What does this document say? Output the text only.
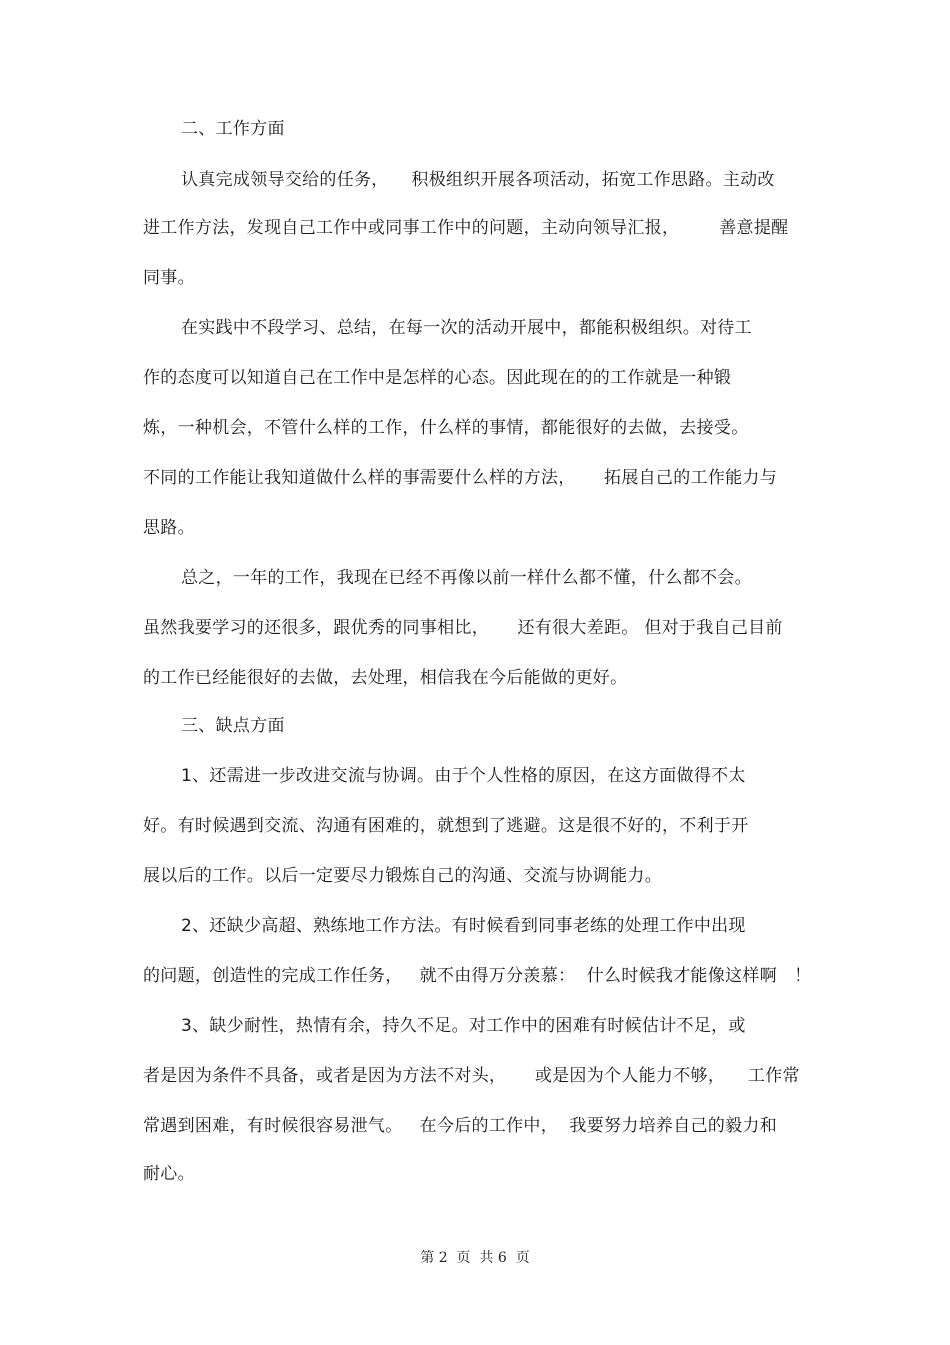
二、工作方面
认真完成领导交给的任务，    积极组织开展各项活动，拓宽工作思路。主动改
进工作方法，发现自己工作中或同事工作中的问题，主动向领导汇报，       善意提醒
同事。
在实践中不段学习、总结，在每一次的活动开展中，都能积极组织。对待工
作的态度可以知道自己在工作中是怎样的心态。因此现在的的工作就是一种锻
炼，一种机会，不管什么样的工作，什么样的事情，都能很好的去做，去接受。
不同的工作能让我知道做什么样的事需要什么样的方法，     拓展自己的工作能力与
思路。
总之，一年的工作，我现在已经不再像以前一样什么都不懂，什么都不会。
虽然我要学习的还很多，跟优秀的同事相比，     还有很大差距。 但对于我自己目前
的工作已经能很好的去做，去处理，相信我在今后能做的更好。
三、缺点方面
1、还需进一步改进交流与协调。由于个人性格的原因，在这方面做得不太
好。有时候遇到交流、沟通有困难的，就想到了逃避。这是很不好的，不利于开
展以后的工作。以后一定要尽力锻炼自己的沟通、交流与协调能力。
2、还缺少高超、熟练地工作方法。有时候看到同事老练的处理工作中出现
的问题，创造性的完成工作任务，   就不由得万分羡慕：  什么时候我才能像这样啊   ！
3、缺少耐性，热情有余，持久不足。对工作中的困难有时候估计不足，或
者是因为条件不具备，或者是因为方法不对头，     或是因为个人能力不够，    工作常
常遇到困难，有时候很容易泄气。   在今后的工作中，  我要努力培养自己的毅力和
耐心。
第 2  页  共 6  页
